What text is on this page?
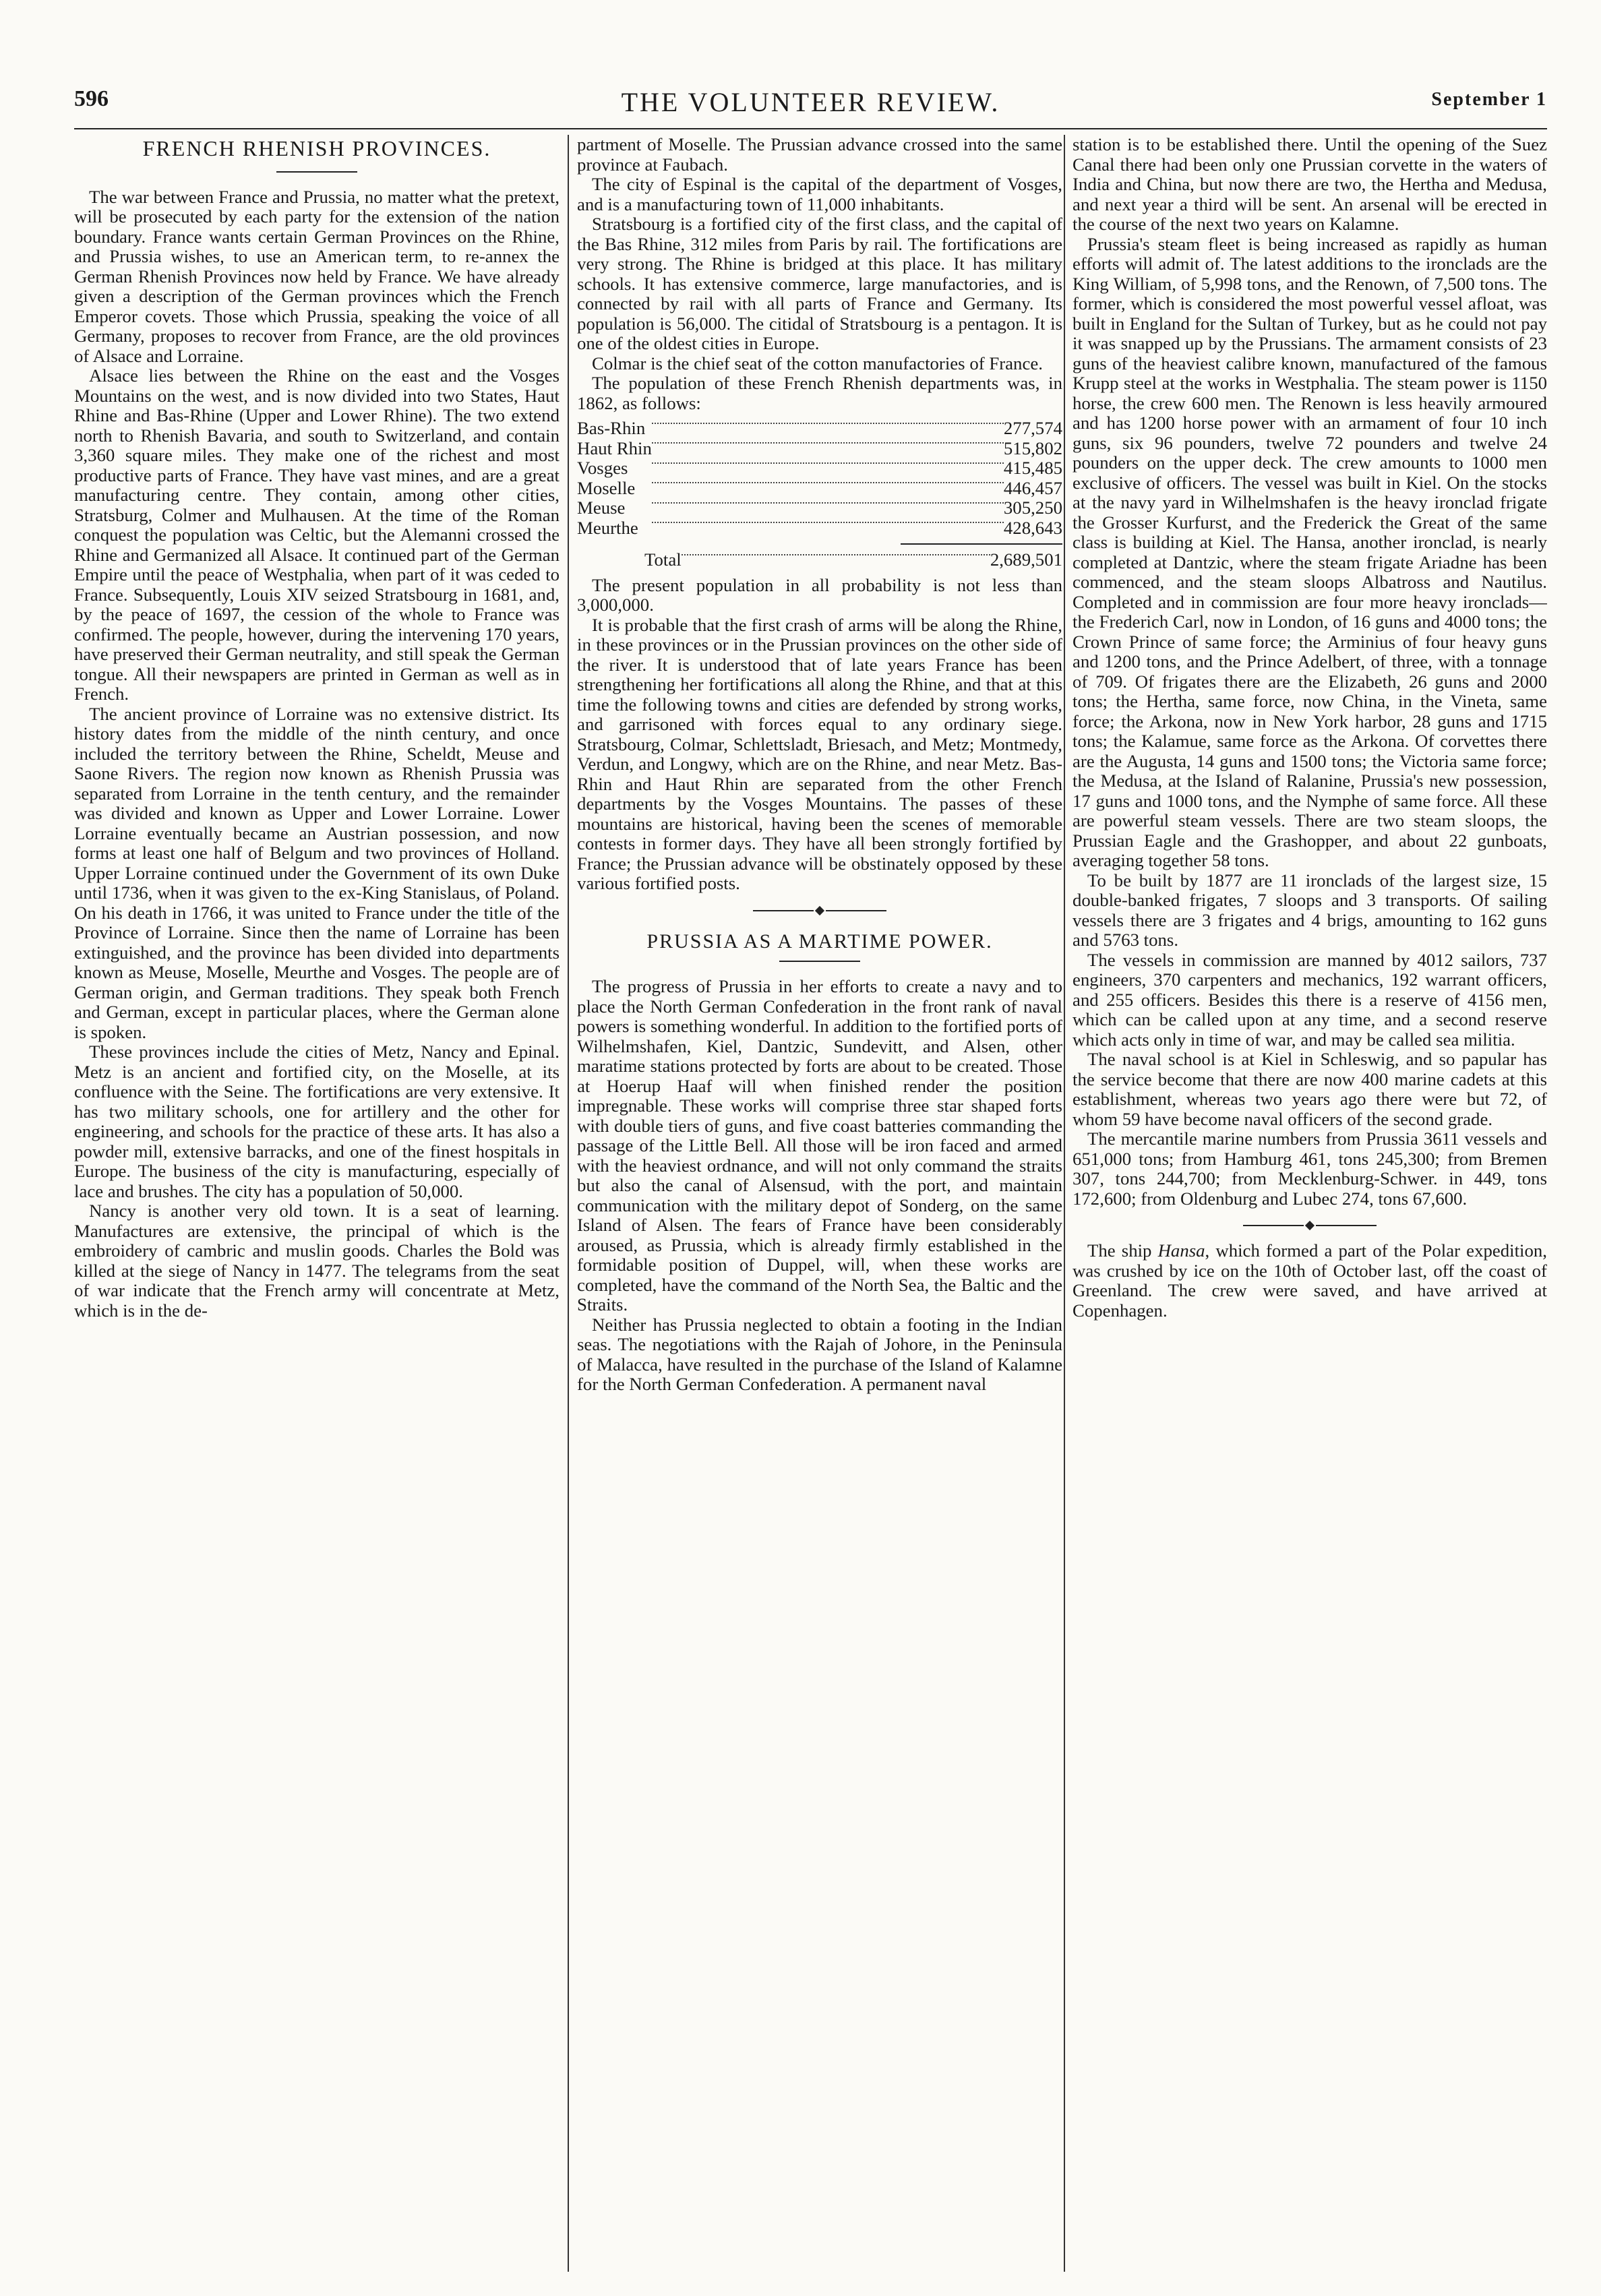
596	THE VOLUNTEER REVIEW.	September 1
FRENCH RHENISH PROVINCES.

The war between France and Prussia, no matter what the pretext, will be prosecuted by each party for the extension of the nation boundary. France wants certain German Provinces on the Rhine, and Prussia wishes, to use an American term, to re-annex the German Rhenish Provinces now held by France. We have already given a description of the German provinces which the French Emperor covets. Those which Prussia, speaking the voice of all Germany, proposes to recover from France, are the old provinces of Alsace and Lorraine.

Alsace lies between the Rhine on the east and the Vosges Mountains on the west, and is now divided into two States, Haut Rhine and Bas-Rhine (Upper and Lower Rhine). The two extend north to Rhenish Bavaria, and south to Switzerland, and contain 3,360 square miles. They make one of the richest and most productive parts of France. They have vast mines, and are a great manufacturing centre. They contain, among other cities, Stratsburg, Colmer and Mulhausen. At the time of the Roman conquest the population was Celtic, but the Alemanni crossed the Rhine and Germanized all Alsace. It continued part of the German Empire until the peace of Westphalia, when part of it was ceded to France. Subsequently, Louis XIV seized Stratsbourg in 1681, and, by the peace of 1697, the cession of the whole to France was confirmed. The people, however, during the intervening 170 years, have preserved their German neutrality, and still speak the German tongue. All their newspapers are printed in German as well as in French.

The ancient province of Lorraine was no extensive district. Its history dates from the middle of the ninth century, and once included the territory between the Rhine, Scheldt, Meuse and Saone Rivers. The region now known as Rhenish Prussia was separated from Lorraine in the tenth century, and the remainder was divided and known as Upper and Lower Lorraine. Lower Lorraine eventually became an Austrian possession, and now forms at least one half of Belgum and two provinces of Holland. Upper Lorraine continued under the Government of its own Duke until 1736, when it was given to the ex-King Stanislaus, of Poland. On his death in 1766, it was united to France under the title of the Province of Lorraine. Since then the name of Lorraine has been extinguished, and the province has been divided into departments known as Meuse, Moselle, Meurthe and Vosges. The people are of German origin, and German traditions. They speak both French and German, except in particular places, where the German alone is spoken.

These provinces include the cities of Metz, Nancy and Epinal. Metz is an ancient and fortified city, on the Moselle, at its confluence with the Seine. The fortifications are very extensive. It has two military schools, one for artillery and the other for engineering, and schools for the practice of these arts. It has also a powder mill, extensive barracks, and one of the finest hospitals in Europe. The business of the city is manufacturing, especially of lace and brushes. The city has a population of 50,000.

Nancy is another very old town. It is a seat of learning. Manufactures are extensive, the principal of which is the embroidery of cambric and muslin goods. Charles the Bold was killed at the siege of Nancy in 1477. The telegrams from the seat of war indicate that the French army will concentrate at Metz, which is in the de-

partment of Moselle. The Prussian advance crossed into the same province at Faubach.

The city of Espinal is the capital of the department of Vosges, and is a manufacturing town of 11,000 inhabitants.

Stratsbourg is a fortified city of the first class, and the capital of the Bas Rhine, 312 miles from Paris by rail. The fortifications are very strong. The Rhine is bridged at this place. It has military schools. It has extensive commerce, large manufactories, and is connected by rail with all parts of France and Germany. Its population is 56,000. The citidal of Stratsbourg is a pentagon. It is one of the oldest cities in Europe.

Colmar is the chief seat of the cotton manufactories of France.

The population of these French Rhenish departments was, in 1862, as follows:

Bas-Rhin		277,574
Haut Rhin		515,802
Vosges		415,485
Moselle		446,457
Meuse		305,250
Meurthe		428,643
Total		2,689,501

The present population in all probability is not less than 3,000,000.

It is probable that the first crash of arms will be along the Rhine, in these provinces or in the Prussian provinces on the other side of the river. It is understood that of late years France has been strengthening her fortifications all along the Rhine, and that at this time the following towns and cities are defended by strong works, and garrisoned with forces equal to any ordinary siege. Stratsbourg, Colmar, Schlettsladt, Briesach, and Metz; Montmedy, Verdun, and Longwy, which are on the Rhine, and near Metz. Bas-Rhin and Haut Rhin are separated from the other French departments by the Vosges Mountains. The passes of these mountains are historical, having been the scenes of memorable contests in former days. They have all been strongly fortified by France; the Prussian advance will be obstinately opposed by these various fortified posts.

PRUSSIA AS A MARTIME POWER.

The progress of Prussia in her efforts to create a navy and to place the North German Confederation in the front rank of naval powers is something wonderful. In addition to the fortified ports of Wilhelmshafen, Kiel, Dantzic, Sundevitt, and Alsen, other maratime stations protected by forts are about to be created. Those at Hoerup Haaf will when finished render the position impregnable. These works will comprise three star shaped forts with double tiers of guns, and five coast batteries commanding the passage of the Little Bell. All those will be iron faced and armed with the heaviest ordnance, and will not only command the straits but also the canal of Alsensud, with the port, and maintain communication with the military depot of Sonderg, on the same Island of Alsen. The fears of France have been considerably aroused, as Prussia, which is already firmly established in the formidable position of Duppel, will, when these works are completed, have the command of the North Sea, the Baltic and the Straits.

Neither has Prussia neglected to obtain a footing in the Indian seas. The negotiations with the Rajah of Johore, in the Peninsula of Malacca, have resulted in the purchase of the Island of Kalamne for the North German Confederation. A permanent naval

station is to be established there. Until the opening of the Suez Canal there had been only one Prussian corvette in the waters of India and China, but now there are two, the Hertha and Medusa, and next year a third will be sent. An arsenal will be erected in the course of the next two years on Kalamne.

Prussia's steam fleet is being increased as rapidly as human efforts will admit of. The latest additions to the ironclads are the King William, of 5,998 tons, and the Renown, of 7,500 tons. The former, which is considered the most powerful vessel afloat, was built in England for the Sultan of Turkey, but as he could not pay it was snapped up by the Prussians. The armament consists of 23 guns of the heaviest calibre known, manufactured of the famous Krupp steel at the works in Westphalia. The steam power is 1150 horse, the crew 600 men. The Renown is less heavily armoured and has 1200 horse power with an armament of four 10 inch guns, six 96 pounders, twelve 72 pounders and twelve 24 pounders on the upper deck. The crew amounts to 1000 men exclusive of officers. The vessel was built in Kiel. On the stocks at the navy yard in Wilhelmshafen is the heavy ironclad frigate the Grosser Kurfurst, and the Frederick the Great of the same class is building at Kiel. The Hansa, another ironclad, is nearly completed at Dantzic, where the steam frigate Ariadne has been commenced, and the steam sloops Albatross and Nautilus. Completed and in commission are four more heavy ironclads—the Frederich Carl, now in London, of 16 guns and 4000 tons; the Crown Prince of same force; the Arminius of four heavy guns and 1200 tons, and the Prince Adelbert, of three, with a tonnage of 709. Of frigates there are the Elizabeth, 26 guns and 2000 tons; the Hertha, same force, now China, in the Vineta, same force; the Arkona, now in New York harbor, 28 guns and 1715 tons; the Kalamue, same force as the Arkona. Of corvettes there are the Augusta, 14 guns and 1500 tons; the Victoria same force; the Medusa, at the Island of Ralanine, Prussia's new possession, 17 guns and 1000 tons, and the Nymphe of same force. All these are powerful steam vessels. There are two steam sloops, the Prussian Eagle and the Grashopper, and about 22 gunboats, averaging together 58 tons.

To be built by 1877 are 11 ironclads of the largest size, 15 double-banked frigates, 7 sloops and 3 transports. Of sailing vessels there are 3 frigates and 4 brigs, amounting to 162 guns and 5763 tons.

The vessels in commission are manned by 4012 sailors, 737 engineers, 370 carpenters and mechanics, 192 warrant officers, and 255 officers. Besides this there is a reserve of 4156 men, which can be called upon at any time, and a second reserve which acts only in time of war, and may be called sea militia.

The naval school is at Kiel in Schleswig, and so papular has the service become that there are now 400 marine cadets at this establishment, whereas two years ago there were but 72, of whom 59 have become naval officers of the second grade.

The mercantile marine numbers from Prussia 3611 vessels and 651,000 tons; from Hamburg 461, tons 245,300; from Bremen 307, tons 244,700; from Mecklenburg-Schwer. in 449, tons 172,600; from Oldenburg and Lubec 274, tons 67,600.

The ship Hansa, which formed a part of the Polar expedition, was crushed by ice on the 10th of October last, off the coast of Greenland. The crew were saved, and have arrived at Copenhagen.
